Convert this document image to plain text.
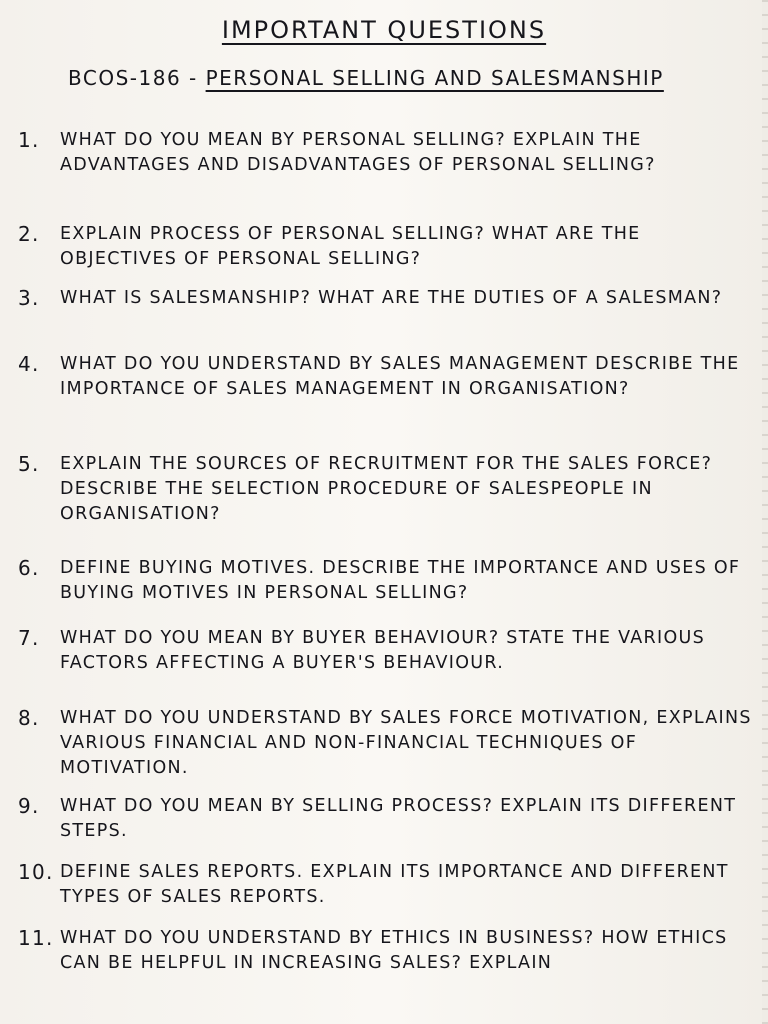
IMPORTANT QUESTIONS
BCOS-186 - PERSONAL SELLING AND SALESMANSHIP
1.	WHAT DO YOU MEAN BY PERSONAL SELLING? EXPLAIN THE ADVANTAGES AND DISADVANTAGES OF PERSONAL SELLING?
2.	EXPLAIN PROCESS OF PERSONAL SELLING? WHAT ARE THE OBJECTIVES OF PERSONAL SELLING?
3.	WHAT IS SALESMANSHIP? WHAT ARE THE DUTIES OF A SALESMAN?
4.	WHAT DO YOU UNDERSTAND BY SALES MANAGEMENT DESCRIBE THE IMPORTANCE OF SALES MANAGEMENT IN ORGANISATION?
5.	EXPLAIN THE SOURCES OF RECRUITMENT FOR THE SALES FORCE? DESCRIBE THE SELECTION PROCEDURE OF SALESPEOPLE IN ORGANISATION?
6.	DEFINE BUYING MOTIVES. DESCRIBE THE IMPORTANCE AND USES OF BUYING MOTIVES IN PERSONAL SELLING?
7.	WHAT DO YOU MEAN BY BUYER BEHAVIOUR? STATE THE VARIOUS FACTORS AFFECTING A BUYER'S BEHAVIOUR.
8.	WHAT DO YOU UNDERSTAND BY SALES FORCE MOTIVATION, EXPLAINS VARIOUS FINANCIAL AND NON-FINANCIAL TECHNIQUES OF MOTIVATION.
9.	WHAT DO YOU MEAN BY SELLING PROCESS? EXPLAIN ITS DIFFERENT STEPS.
10. DEFINE SALES REPORTS. EXPLAIN ITS IMPORTANCE AND DIFFERENT TYPES OF SALES REPORTS.
11. WHAT DO YOU UNDERSTAND BY ETHICS IN BUSINESS? HOW ETHICS CAN BE HELPFUL IN INCREASING SALES? EXPLAIN
